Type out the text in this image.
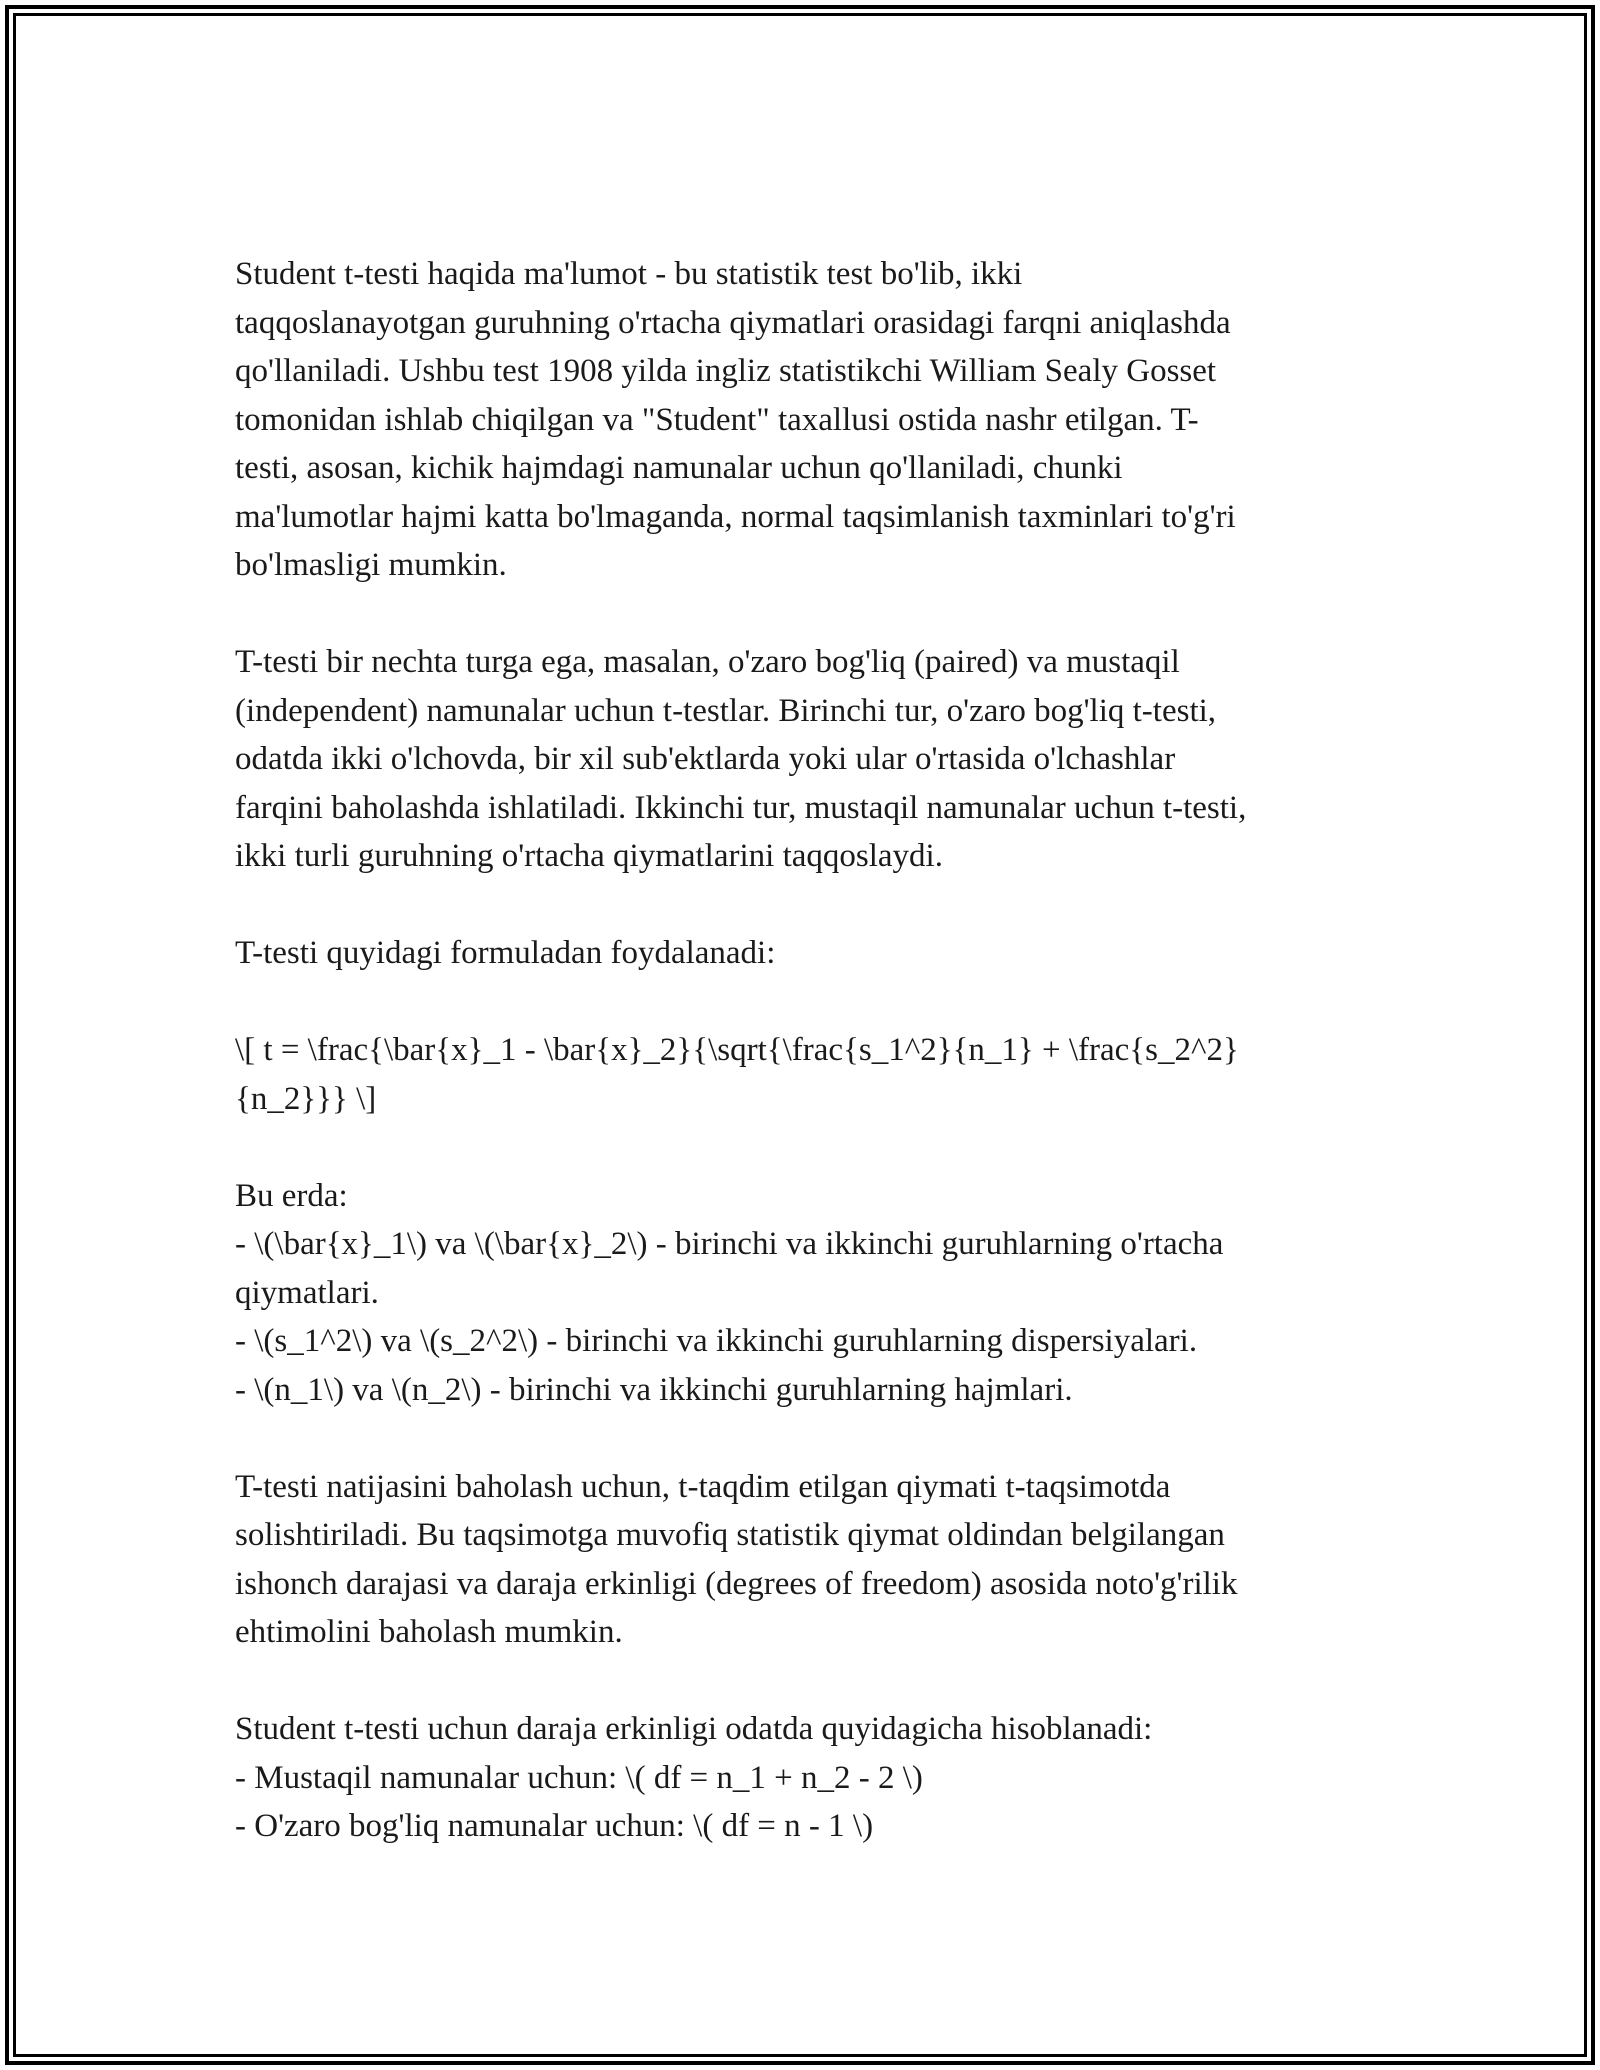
Student t-testi haqida ma'lumot - bu statistik test bo'lib, ikki
taqqoslanayotgan guruhning o'rtacha qiymatlari orasidagi farqni aniqlashda
qo'llaniladi. Ushbu test 1908 yilda ingliz statistikchi William Sealy Gosset
tomonidan ishlab chiqilgan va "Student" taxallusi ostida nashr etilgan. T-
testi, asosan, kichik hajmdagi namunalar uchun qo'llaniladi, chunki
ma'lumotlar hajmi katta bo'lmaganda, normal taqsimlanish taxminlari to'g'ri
bo'lmasligi mumkin.

T-testi bir nechta turga ega, masalan, o'zaro bog'liq (paired) va mustaqil
(independent) namunalar uchun t-testlar. Birinchi tur, o'zaro bog'liq t-testi,
odatda ikki o'lchovda, bir xil sub'ektlarda yoki ular o'rtasida o'lchashlar
farqini baholashda ishlatiladi. Ikkinchi tur, mustaqil namunalar uchun t-testi,
ikki turli guruhning o'rtacha qiymatlarini taqqoslaydi.

T-testi quyidagi formuladan foydalanadi:

\[ t = \frac{\bar{x}_1 - \bar{x}_2}{\sqrt{\frac{s_1^2}{n_1} + \frac{s_2^2}
{n_2}}} \]

Bu erda:
- \(\bar{x}_1\) va \(\bar{x}_2\) - birinchi va ikkinchi guruhlarning o'rtacha
qiymatlari.
- \(s_1^2\) va \(s_2^2\) - birinchi va ikkinchi guruhlarning dispersiyalari.
- \(n_1\) va \(n_2\) - birinchi va ikkinchi guruhlarning hajmlari.

T-testi natijasini baholash uchun, t-taqdim etilgan qiymati t-taqsimotda
solishtiriladi. Bu taqsimotga muvofiq statistik qiymat oldindan belgilangan
ishonch darajasi va daraja erkinligi (degrees of freedom) asosida noto'g'rilik
ehtimolini baholash mumkin.

Student t-testi uchun daraja erkinligi odatda quyidagicha hisoblanadi:
- Mustaqil namunalar uchun: \( df = n_1 + n_2 - 2 \)
- O'zaro bog'liq namunalar uchun: \( df = n - 1 \)
